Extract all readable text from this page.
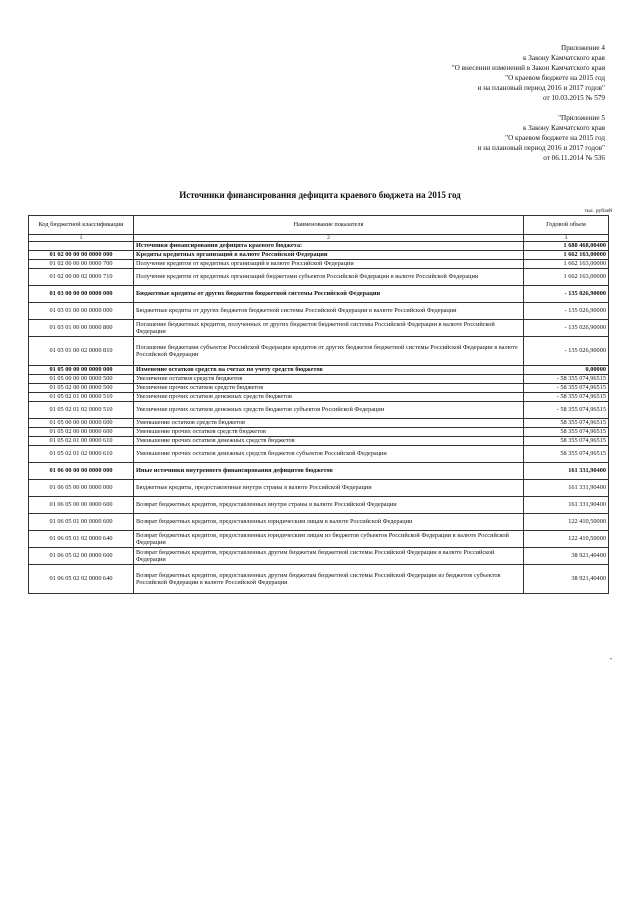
Приложение 4
к Закону Камчатского края
"О внесении изменений в Закон Камчатского края
"О краевом бюджете на 2015 год
и на плановый период 2016 и 2017 годов"
от 10.03.2015 № 579
"Приложение 5
к Закону Камчатского края
"О краевом бюджете на 2015 год
и на плановый период 2016 и 2017 годов"
от 06.11.2014 № 536
Источники финансирования дефицита краевого бюджета на 2015 год
тыс. рублей
Код бюджетной классификации	Наименование показателя	Годовой объем
1	2	3
	Источники финансирования дефицита краевого бюджета:	1 688 468,00400
01 02 00 00 00 0000 000	Кредиты кредитных организаций в валюте Российской Федерации	1 662 163,00000
01 02 00 00 00 0000 700	Получение кредитов от кредитных организаций в валюте Российской Федерации	1 662 163,00000
01 02 00 00 02 0000 710	Получение кредитов от кредитных организаций бюджетами субъектов Российской Федерации в валюте Российской Федерации	1 662 163,00000
01 03 00 00 00 0000 000	Бюджетные кредиты от других бюджетов бюджетной системы Российской Федерации	- 135 026,90000
01 03 01 00 00 0000 000	Бюджетные кредиты от других бюджетов бюджетной системы Российской Федерации в валюте Российской Федерации	- 135 026,90000
01 03 01 00 00 0000 800	Погашение бюджетных кредитов, полученных от других бюджетов бюджетной системы Российской Федерации в валюте Российской Федерации	- 135 026,90000
01 03 01 00 02 0000 810	Погашение бюджетами субъектов Российской Федерации кредитов от других бюджетов бюджетной системы Российской Федерации в валюте Российской Федерации	- 135 026,90000
01 05 00 00 00 0000 000	Изменение остатков средств на счетах по учету средств бюджетов	0,00000
01 05 00 00 00 0000 500	Увеличение остатков средств бюджетов	- 58 355 074,96515
01 05 02 00 00 0000 500	Увеличение прочих остатков средств бюджетов	- 58 355 074,96515
01 05 02 01 00 0000 510	Увеличение прочих остатков денежных средств бюджетов	- 58 355 074,96515
01 05 02 01 02 0000 510	Увеличение прочих остатков денежных средств бюджетов субъектов Российской Федерации	- 58 355 074,96515
01 05 00 00 00 0000 600	Уменьшение остатков средств бюджетов	58 355 074,96515
01 05 02 00 00 0000 600	Уменьшение прочих остатков средств бюджетов	58 355 074,96515
01 05 02 01 00 0000 610	Уменьшение прочих остатков денежных средств бюджетов	58 355 074,96515
01 05 02 01 02 0000 610	Уменьшение прочих остатков денежных средств бюджетов субъектов Российской Федерации	58 355 074,96515
01 06 00 00 00 0000 000	Иные источники внутреннего финансирования дефицитов бюджетов	161 331,90400
01 06 05 00 00 0000 000	Бюджетные кредиты, предоставленные внутри страны в валюте Российской Федерации	161 331,90400
01 06 05 00 00 0000 600	Возврат бюджетных кредитов, предоставленных внутри страны в валюте Российской Федерации	161 331,90400
01 06 05 01 00 0000 600	Возврат бюджетных кредитов, предоставленных юридическим лицам в валюте Российской Федерации	122 410,50000
01 06 05 01 02 0000 640	Возврат бюджетных кредитов, предоставленных юридическим лицам из бюджетов субъектов Российской Федерации в валюте Российской Федерации	122 410,50000
01 06 05 02 00 0000 600	Возврат бюджетных кредитов, предоставленных другим бюджетам бюджетной системы Российской Федерации в валюте Российской Федерации	38 921,40400
01 06 05 02 02 0000 640	Возврат бюджетных кредитов, предоставленных другим бюджетам бюджетной системы Российской Федерации из бюджетов субъектов Российской Федерации в валюте Российской Федерации	38 921,40400
"
